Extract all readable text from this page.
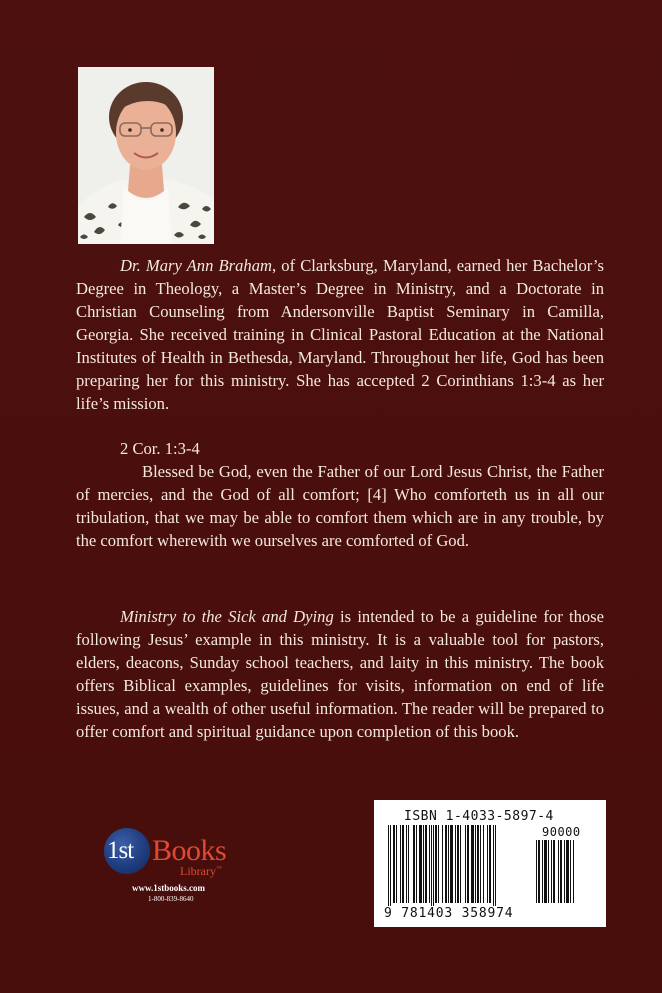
Dr. Mary Ann Braham, of Clarksburg, Maryland, earned her Bachelor’s Degree in Theology, a Master’s Degree in Ministry, and a Doctorate in Christian Counseling from Andersonville Baptist Seminary in Camilla, Georgia. She received training in Clinical Pastoral Education at the National Institutes of Health in Bethesda, Maryland. Throughout her life, God has been preparing her for this ministry. She has accepted 2 Corinthians 1:3-4 as her life’s mission.

2 Cor. 1:3-4

Blessed be God, even the Father of our Lord Jesus Christ, the Father of mercies, and the God of all comfort; [4] Who comforteth us in all our tribulation, that we may be able to comfort them which are in any trouble, by the comfort wherewith we ourselves are comforted of God.

Ministry to the Sick and Dying is intended to be a guideline for those following Jesus’ example in this ministry. It is a valuable tool for pastors, elders, deacons, Sunday school teachers, and laity in this ministry. The book offers Biblical examples, guidelines for visits, information on end of life issues, and a wealth of other useful information. The reader will be prepared to offer comfort and spiritual guidance upon completion of this book.

1st Books
Library™
www.1stbooks.com
1-800-839-8640
ISBN 1-4033-5897-4
90000
9 781403 358974
